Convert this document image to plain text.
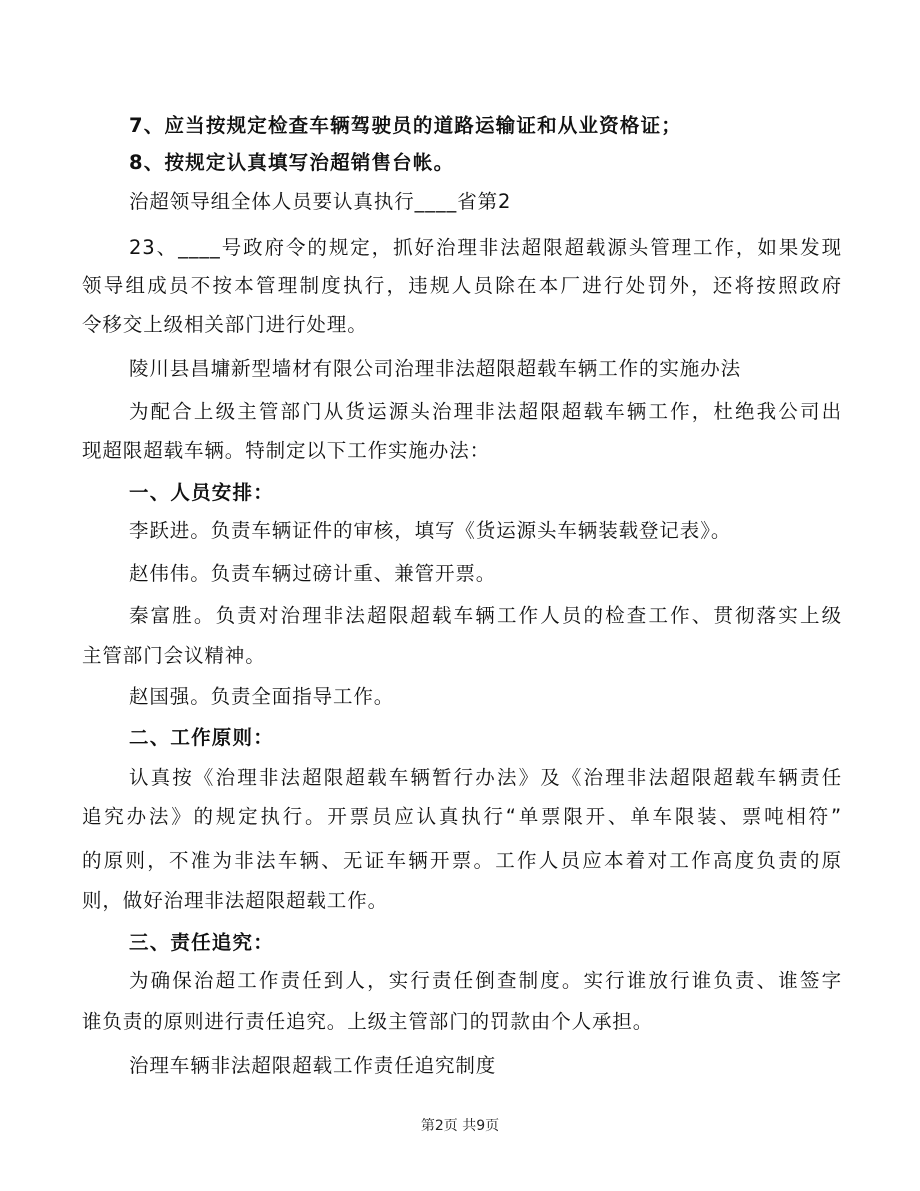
7、应当按规定检查车辆驾驶员的道路运输证和从业资格证；
8、按规定认真填写治超销售台帐。
治超领导组全体人员要认真执行____省第2
23、____号政府令的规定，抓好治理非法超限超载源头管理工作，如果发现
领导组成员不按本管理制度执行，违规人员除在本厂进行处罚外，还将按照政府
令移交上级相关部门进行处理。
陵川县昌墉新型墙材有限公司治理非法超限超载车辆工作的实施办法
为配合上级主管部门从货运源头治理非法超限超载车辆工作，杜绝我公司出
现超限超载车辆。特制定以下工作实施办法：
一、人员安排：
李跃进。负责车辆证件的审核，填写《货运源头车辆装载登记表》。
赵伟伟。负责车辆过磅计重、兼管开票。
秦富胜。负责对治理非法超限超载车辆工作人员的检查工作、贯彻落实上级
主管部门会议精神。
赵国强。负责全面指导工作。
二、工作原则：
认真按《治理非法超限超载车辆暂行办法》及《治理非法超限超载车辆责任
追究办法》的规定执行。开票员应认真执行“单票限开、单车限装、票吨相符”
的原则，不准为非法车辆、无证车辆开票。工作人员应本着对工作高度负责的原
则，做好治理非法超限超载工作。
三、责任追究：
为确保治超工作责任到人，实行责任倒查制度。实行谁放行谁负责、谁签字
谁负责的原则进行责任追究。上级主管部门的罚款由个人承担。
治理车辆非法超限超载工作责任追究制度
第2页 共9页
